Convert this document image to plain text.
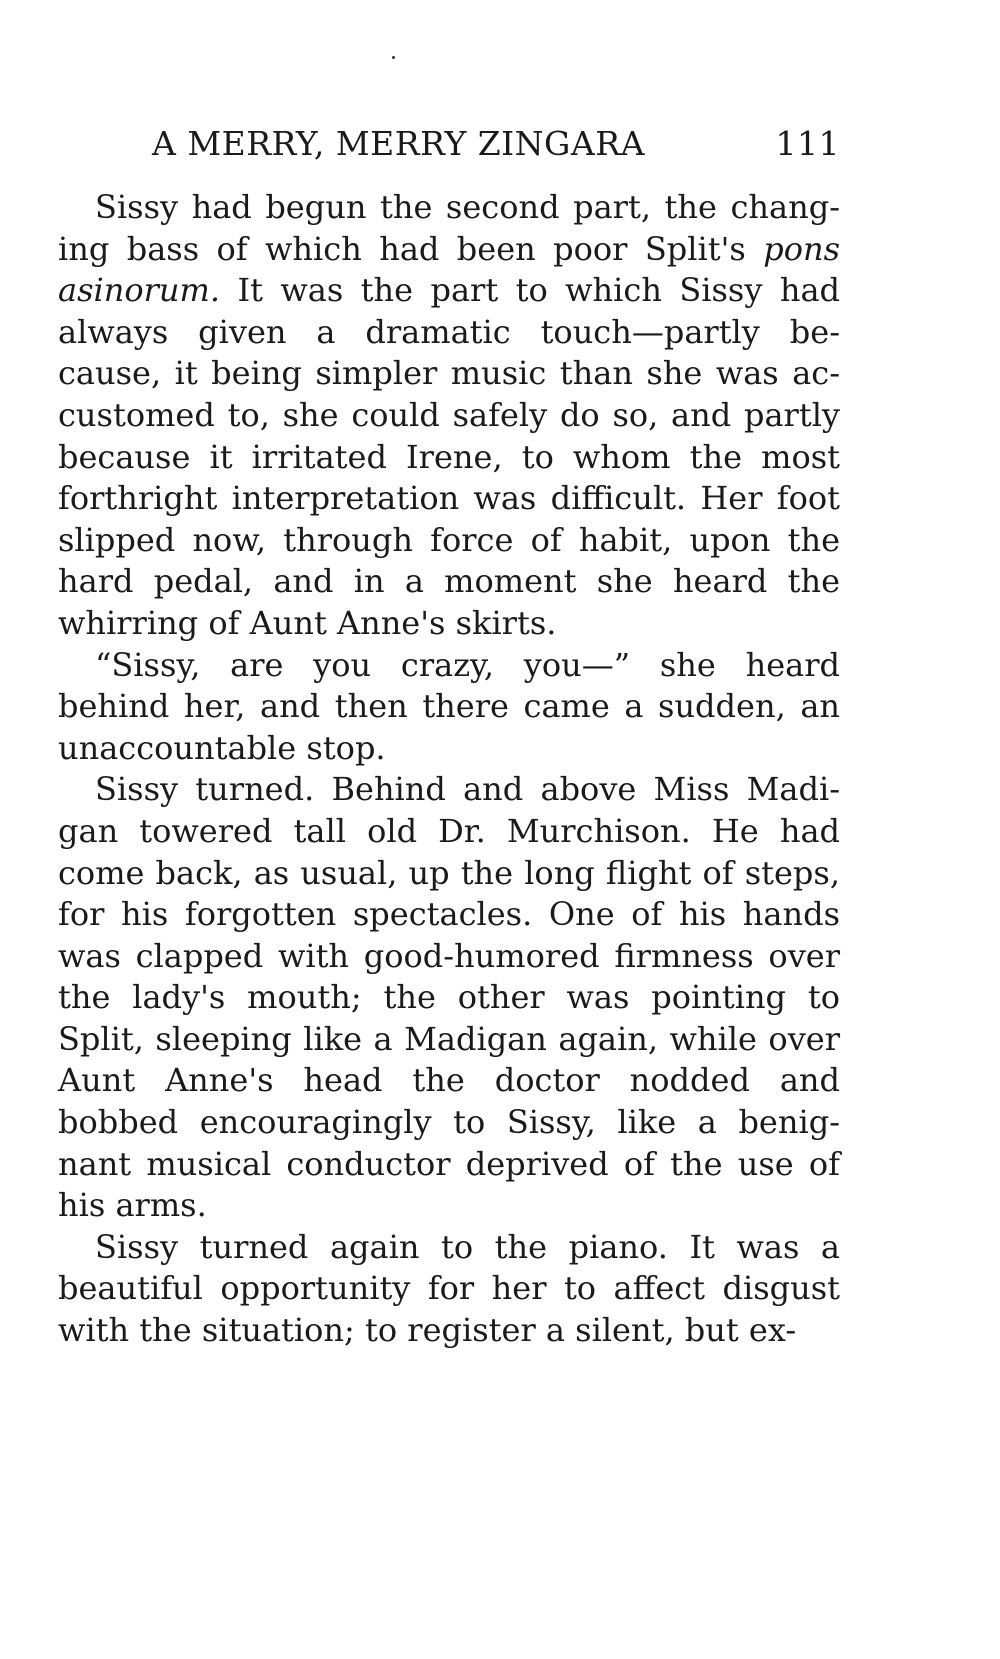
A MERRY, MERRY ZINGARA	111

Sissy had begun the second part, the chang-ing bass of which had been poor Split's pons asinorum. It was the part to which Sissy had always given a dramatic touch—partly be-cause, it being simpler music than she was ac-customed to, she could safely do so, and partly because it irritated Irene, to whom the most forthright interpretation was difficult. Her foot slipped now, through force of habit, upon the hard pedal, and in a moment she heard the whirring of Aunt Anne's skirts.

“Sissy, are you crazy, you—” she heard behind her, and then there came a sudden, an unaccountable stop.

Sissy turned. Behind and above Miss Madi-gan towered tall old Dr. Murchison. He had come back, as usual, up the long flight of steps, for his forgotten spectacles. One of his hands was clapped with good-humored firmness over the lady's mouth; the other was pointing to Split, sleeping like a Madigan again, while over Aunt Anne's head the doctor nodded and bobbed encouragingly to Sissy, like a benig-nant musical conductor deprived of the use of his arms.

Sissy turned again to the piano. It was a beautiful opportunity for her to affect disgust with the situation; to register a silent, but ex-
